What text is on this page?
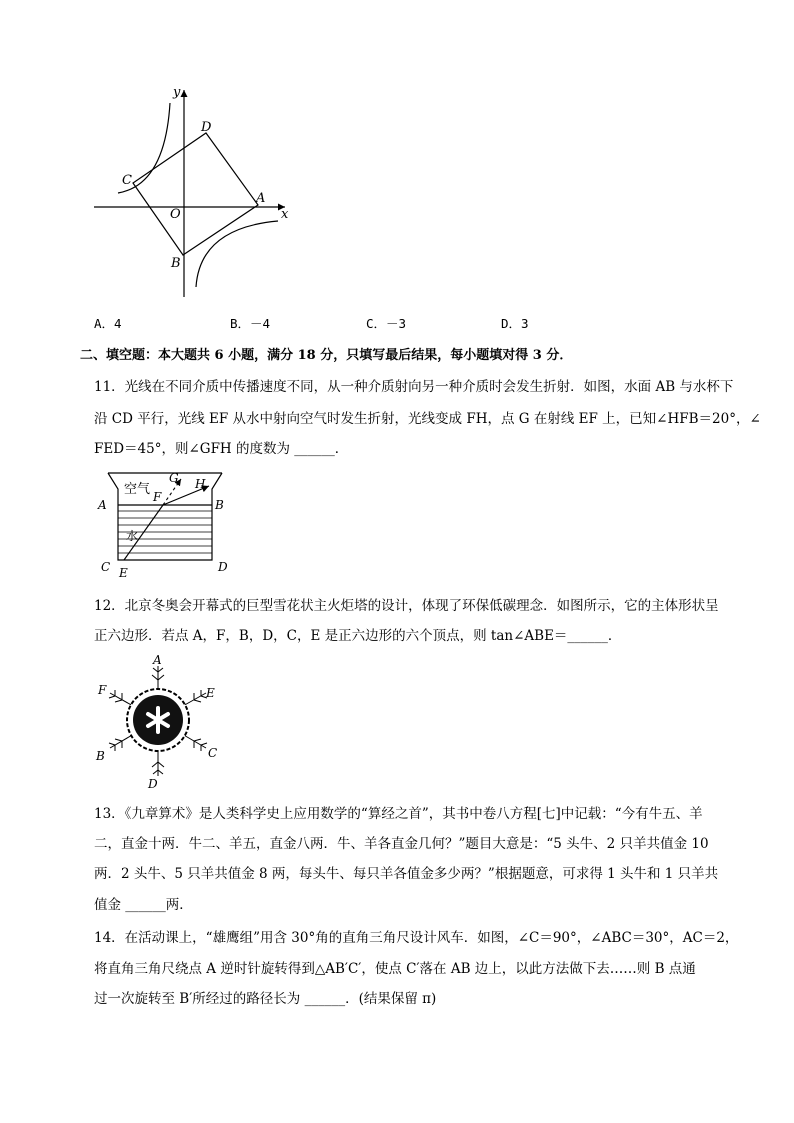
y
x
O
A
B
C
D
A．4	B．－4	C．－3	D．3
二、填空题：本大题共 6 小题，满分 18 分，只填写最后结果，每小题填对得 3 分．
11．光线在不同介质中传播速度不同，从一种介质射向另一种介质时会发生折射．如图，水面 AB 与水杯下
沿 CD 平行，光线 EF 从水中射向空气时发生折射，光线变成 FH，点 G 在射线 EF 上，已知∠HFB＝20°，∠
FED＝45°，则∠GFH 的度数为 ______．
空气
水
G H
F
A	B
C	D
E
12．北京冬奥会开幕式的巨型雪花状主火炬塔的设计，体现了环保低碳理念．如图所示，它的主体形状呈
正六边形．若点 A，F，B，D，C，E 是正六边形的六个顶点，则 tan∠ABE＝______．
A
F	E
B	C
D
13．《九章算术》是人类科学史上应用数学的“算经之首”，其书中卷八方程[七]中记载：“今有牛五、羊
二，直金十两．牛二、羊五，直金八两．牛、羊各直金几何？”题目大意是：“5 头牛、2 只羊共值金 10
两．2 头牛、5 只羊共值金 8 两，每头牛、每只羊各值金多少两？”根据题意，可求得 1 头牛和 1 只羊共
值金 ______两．
14．在活动课上，“雄鹰组”用含 30°角的直角三角尺设计风车．如图，∠C＝90°，∠ABC＝30°，AC＝2，
将直角三角尺绕点 A 逆时针旋转得到△AB′C′，使点 C′落在 AB 边上，以此方法做下去……则 B 点通
过一次旋转至 B′所经过的路径长为 ______．(结果保留 π)
